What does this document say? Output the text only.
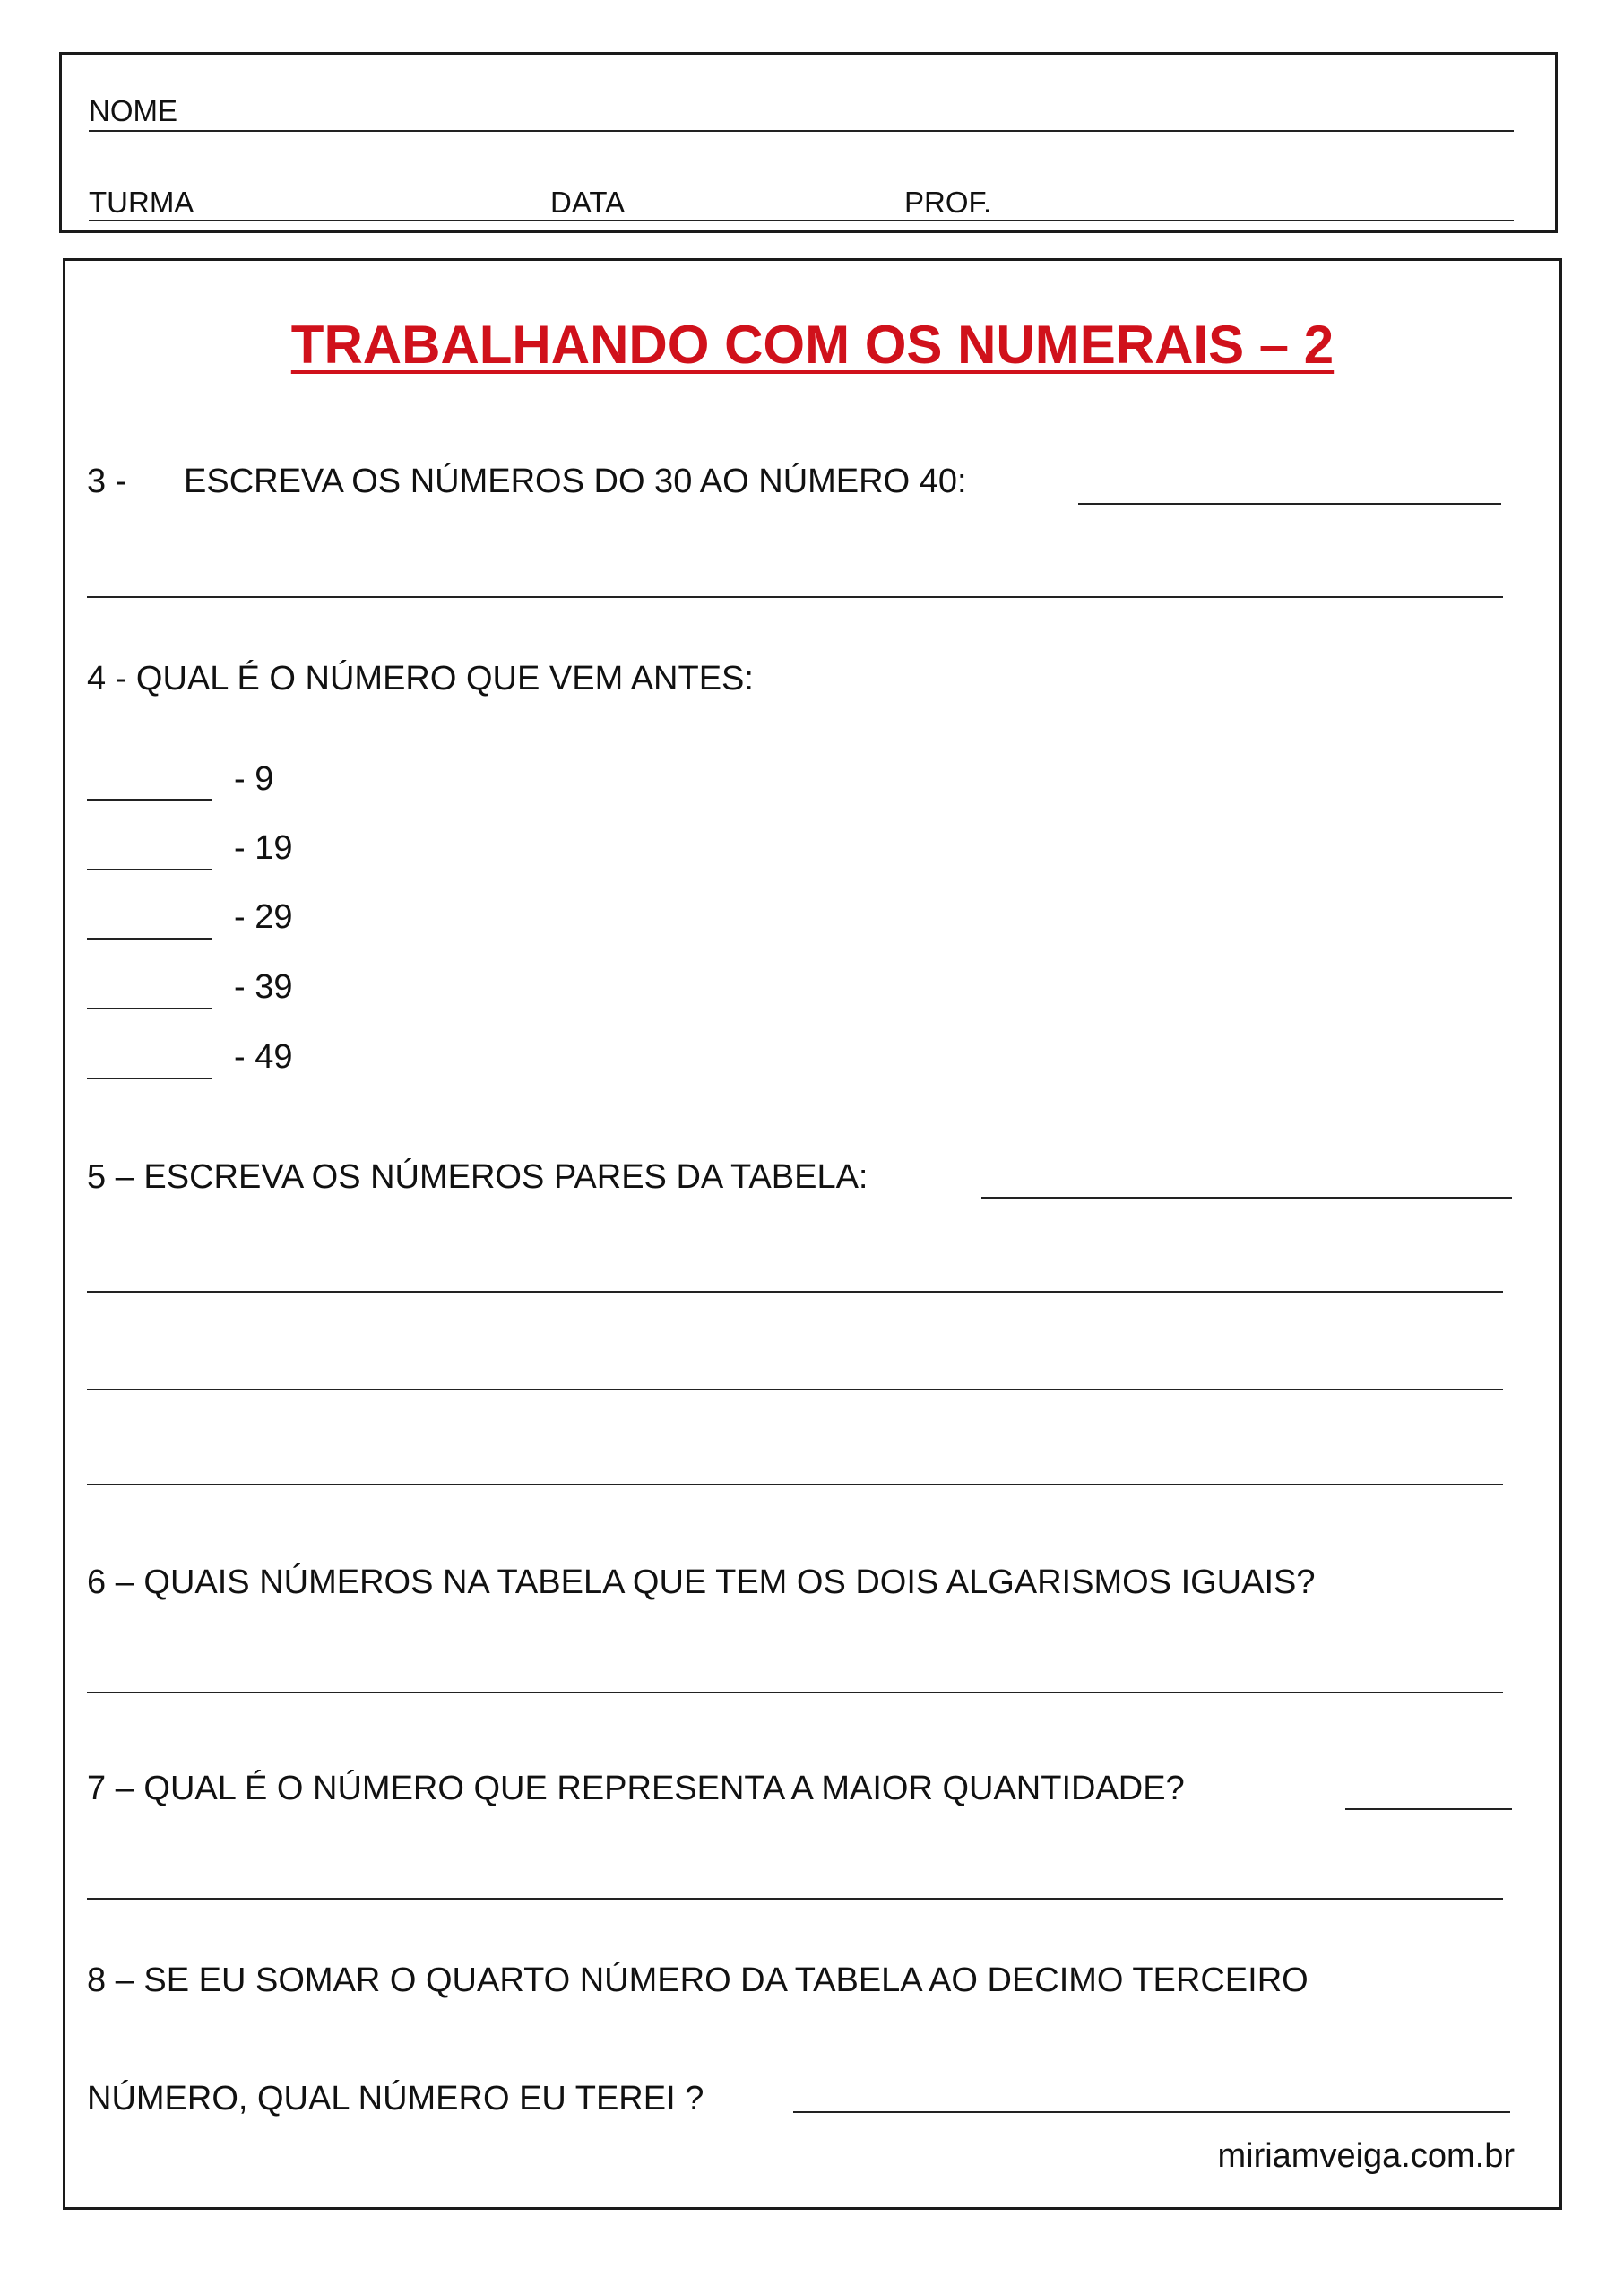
NOME
TURMA	DATA	PROF.
TRABALHANDO COM OS NUMERAIS – 2
3 - ESCREVA OS NÚMEROS DO 30 AO NÚMERO 40:
4 - QUAL É O NÚMERO QUE VEM ANTES:
- 9
- 19
- 29
- 39
- 49
5 – ESCREVA OS NÚMEROS PARES DA TABELA:
6 – QUAIS NÚMEROS NA TABELA QUE TEM OS DOIS ALGARISMOS IGUAIS?
7 – QUAL É O NÚMERO QUE REPRESENTA A MAIOR QUANTIDADE?
8 – SE EU SOMAR O QUARTO NÚMERO DA TABELA AO DECIMO TERCEIRO
NÚMERO, QUAL NÚMERO EU TEREI ?
miriamveiga.com.br
